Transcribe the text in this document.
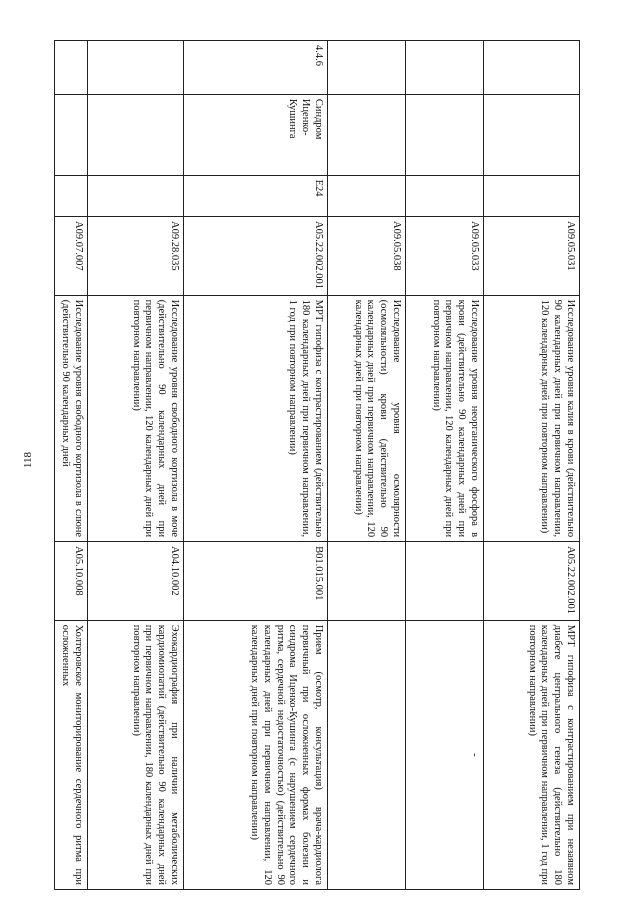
118
			A09.05.031	Исследование уровня калия в крови (действительно 90 календарных дней при первичном направлении, 120 календарных дней при повторном направлении)	A05.22.002.001	МРТ гипофиза с контрастированием при незаявном диабете центрального генеза (действительно 180 календарных дней при первичном направлении, 1 год при повторном направлении)
			A09.05.033	Исследование уровня неорганического фосфора в крови (действительно 90 календарных дней при первичном направлении, 120 календарных дней при повторном направлении)		-
			A09.05.038	Исследование уровня осмолярности (осмоляльности) крови (действительно 90 календарных дней при первичном направлении, 120 календарных дней при повторном направлении)		
4.4.6	Синдром Иценко-Кушинга	E24	A05.22.002.001	МРТ гипофиза с контрастированием (действительно 180 календарных дней при первичном направлении, 1 год при повторном направлении)	B01.015.001	Прием (осмотр, консультация) врача-кардиолога первичный при осложненных формах болезни и синдрома Иценко-Кушинга (с нарушением сердечного ритма, сердечной недостаточностью) (действительно 90 календарных дней при первичном направлении, 120 календарных дней при повторном направлении)
			A09.28.035	Исследование уровня свободного кортизола в моче (действительно 90 календарных дней при первичном направлении, 120 календарных дней при повторном направлении)	A04.10.002	Эхокардиография при наличии метаболических кардиомиопатий (действительно 90 календарных дней при первичном направлении, 180 календарных дней при повторном направлении)
			A09.07.007	Исследование уровня свободного кортизола в слюне (действительно 90 календарных дней	A05.10.008	Холтеровское мониторирование сердечного ритма при осложненных
